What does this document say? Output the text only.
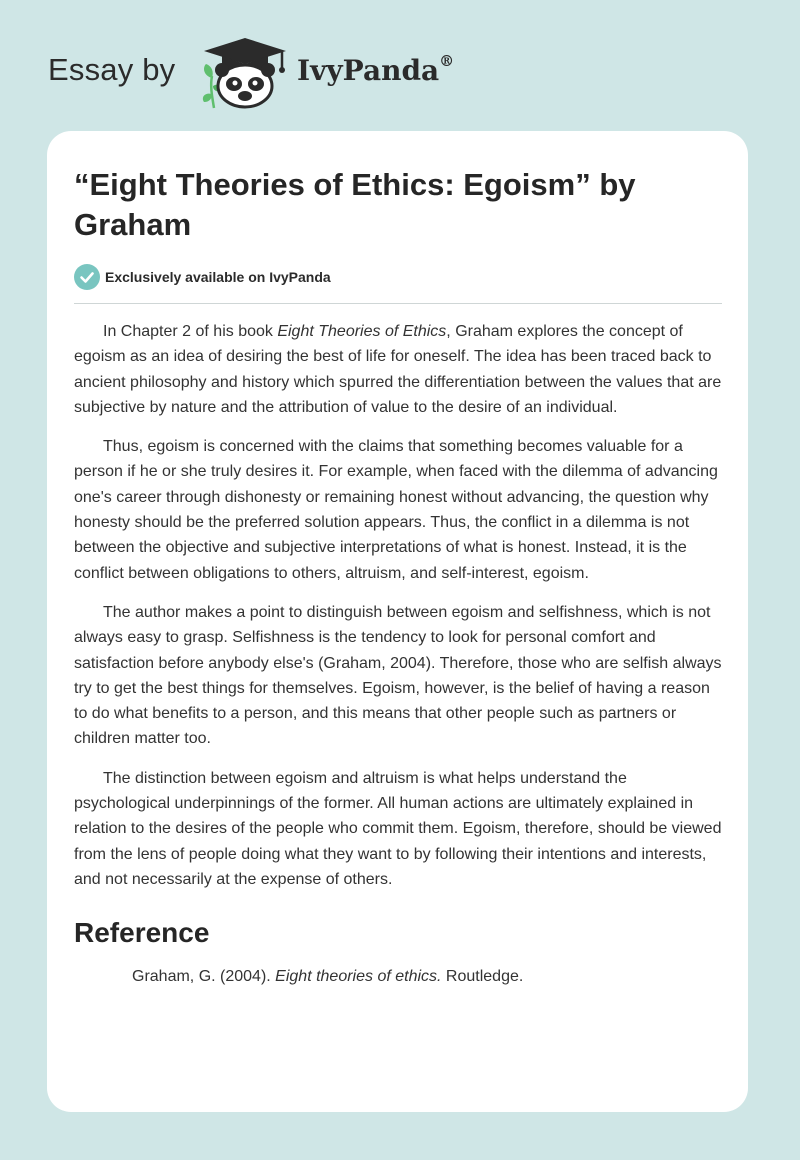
Essay by	IvyPanda®
“Eight Theories of Ethics: Egoism” by Graham
Exclusively available on IvyPanda

In Chapter 2 of his book Eight Theories of Ethics, Graham explores the concept of egoism as an idea of desiring the best of life for oneself. The idea has been traced back to ancient philosophy and history which spurred the differentiation between the values that are subjective by nature and the attribution of value to the desire of an individual.

Thus, egoism is concerned with the claims that something becomes valuable for a person if he or she truly desires it. For example, when faced with the dilemma of advancing one's career through dishonesty or remaining honest without advancing, the question why honesty should be the preferred solution appears. Thus, the conflict in a dilemma is not between the objective and subjective interpretations of what is honest. Instead, it is the conflict between obligations to others, altruism, and self-interest, egoism.

The author makes a point to distinguish between egoism and selfishness, which is not always easy to grasp. Selfishness is the tendency to look for personal comfort and satisfaction before anybody else's (Graham, 2004). Therefore, those who are selfish always try to get the best things for themselves. Egoism, however, is the belief of having a reason to do what benefits to a person, and this means that other people such as partners or children matter too.

The distinction between egoism and altruism is what helps understand the psychological underpinnings of the former. All human actions are ultimately explained in relation to the desires of the people who commit them. Egoism, therefore, should be viewed from the lens of people doing what they want to by following their intentions and interests, and not necessarily at the expense of others.

Reference

Graham, G. (2004). Eight theories of ethics. Routledge.
